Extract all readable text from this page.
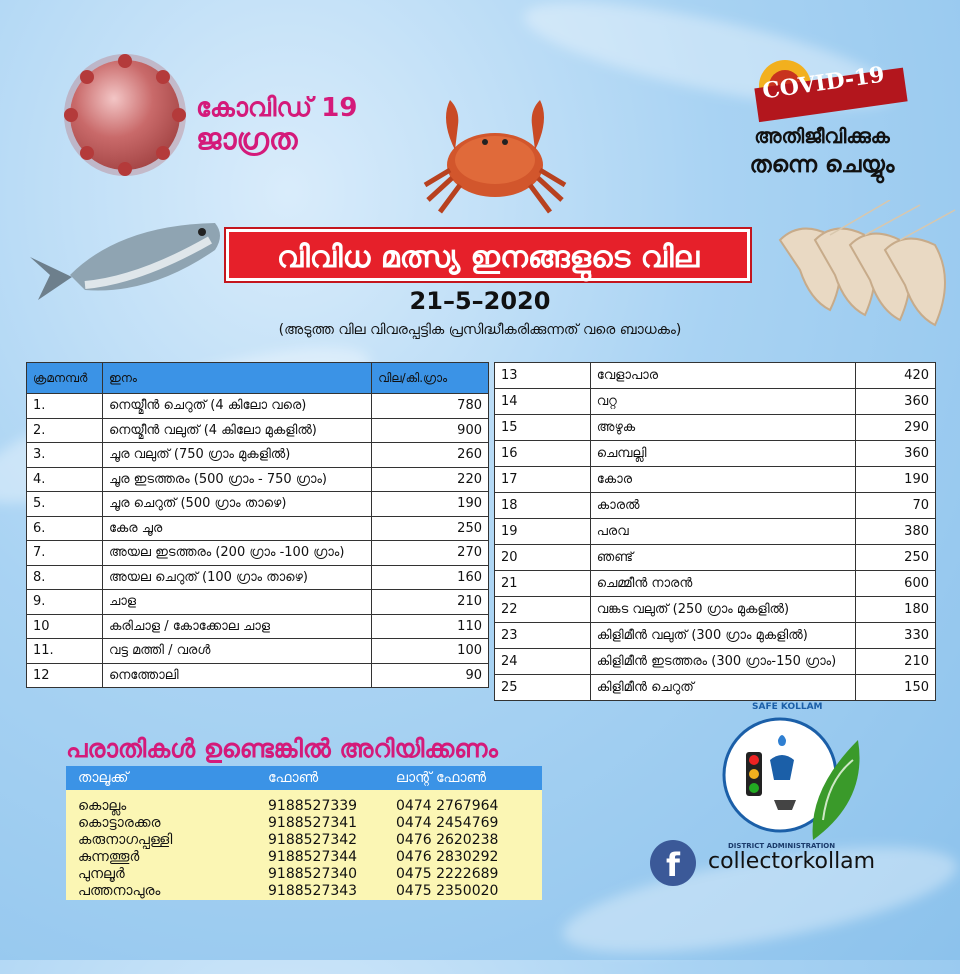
കോവിഡ് 19
ജാഗ്രത
COVID-19
അതിജീവിക്കുക
തന്നെ ചെയ്യും
വിവിധ മത്സ്യ ഇനങ്ങളുടെ വില
21–5–2020
(അടുത്ത വില വിവരപ്പട്ടിക പ്രസിദ്ധീകരിക്കുന്നത് വരെ ബാധകം)
ക്രമനമ്പർ	ഇനം	വില/കി.ഗ്രാം
1.	നെയ്മീൻ ചെറുത് (4 കിലോ വരെ)	780
2.	നെയ്മീൻ വലുത് (4 കിലോ മുകളിൽ)	900
3.	ചൂര വലുത് (750 ഗ്രാം മുകളിൽ)	260
4.	ചൂര ഇടത്തരം (500 ഗ്രാം - 750 ഗ്രാം)	220
5.	ചൂര ചെറുത് (500 ഗ്രാം താഴെ)	190
6.	കേര ചൂര	250
7.	അയല ഇടത്തരം (200 ഗ്രാം -100 ഗ്രാം)	270
8.	അയല ചെറുത് (100 ഗ്രാം താഴെ)	160
9.	ചാള	210
10	കരിചാള / കോക്കോല ചാള	110
11.	വട്ട മത്തി / വരൾ	100
12	നെത്തോലി	90
13	വേളാപാര	420
14	വറ്റ	360
15	അഴുക	290
16	ചെമ്പല്ലി	360
17	കോര	190
18	കാരൽ	70
19	പരവ	380
20	ഞണ്ട്	250
21	ചെമ്മീൻ നാരൻ	600
22	വങ്കട വലുത് (250 ഗ്രാം മുകളിൽ)	180
23	കിളിമീൻ വലുത് (300 ഗ്രാം മുകളിൽ)	330
24	കിളിമീൻ ഇടത്തരം (300 ഗ്രാം-150 ഗ്രാം)	210
25	കിളിമീൻ ചെറുത്	150
പരാതികൾ ഉണ്ടെങ്കിൽ അറിയിക്കണം
താലൂക്ക്	ഫോൺ	ലാന്റ് ഫോൺ
കൊല്ലം	9188527339	0474 2767964
കൊട്ടാരക്കര	9188527341	0474 2454769
കരുനാഗപ്പള്ളി	9188527342	0476 2620238
കുന്നത്തൂർ	9188527344	0476 2830292
പുനലൂർ	9188527340	0475 2222689
പത്തനാപുരം	9188527343	0475 2350020
SAFE KOLLAM
DISTRICT ADMINISTRATION
f	collectorkollam
